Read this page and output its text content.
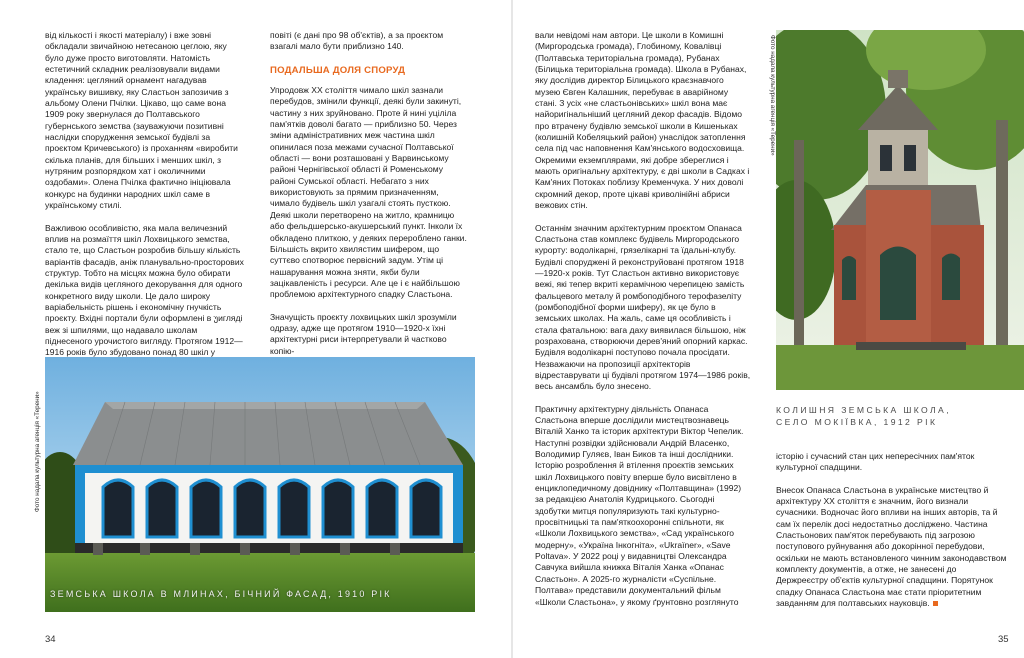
від кількості і якості матеріалу) і вже зовні обкладали звичайною нетесаною цеглою, яку було дуже просто виготовляти. Натомість естетичний складник реалізовували видами кладення: цегляний орнамент нагадував українську вишивку, яку Сластьон запозичив з альбому Олени Пчілки. Цікаво, що саме вона 1909 року звернулася до Полтавського губернського земства (зауважуючи позитивні наслідки спорудження земської будівлі за проєктом Кричевського) із проханням «виробити скількa планів, для більших і менших шкіл, з нутряним розпорядком хат і околичними оздобами». Олена Пчілка фактично ініціювала конкурс на будинки народних шкіл саме в українському стилі.

Важливою особливістю, яка мала величезний вплив на розмаїття шкіл Лохвицького земства, стало те, що Сластьон розробив більшу кількість варіантів фасадів, аніж планувально-просторових структур. Тобто на місцях можна було обирати декілька видів цегляного декорування для одного конкретного виду школи. Це дало широку варіабельність рішень і економічну гнучкість проєкту. Вхідні портали були оформлені в უигляді веж зі шпилями, що надавало школам піднесеного урочистого вигляду. Протягом 1912—1916 років було збудовано понад 80 шкіл у

повіті (є дані про 98 об'єктів), а за проєктом взагалі мало бути приблизно 140.

ПОДАЛЬША ДОЛЯ СПОРУД

Упродовж XX століття чимало шкіл зазнали перебудов, змінили функції, деякі були закинуті, частину з них зруйновано. Проте й нині уціліла пам'ятків доволі багато — приблизно 50. Через зміни адміністративних меж частина шкіл опинилася поза межами сучасної Полтавської області — вони розташовані у Варвинському районі Чернігівської області й Роменському районі Сумської області. Небагато з них використовують за прямим призначенням, чимало будівель шкіл узагалі стоять пусткою. Деякі школи перетворено на житло, крамницю або фельдшерсько-акушерський пункт. Інколи їх обкладено плиткою, у деяких перероблено ганки. Більшість вкрито хвилястим шифером, що суттєво спотворює первісний задум. Утім ці нашарування можна зняти, якби були зацікавленість і ресурси. Але це і є найбільшою проблемою архітектурного спадку Сластьона.

Значущість проєкту лохвицьких шкіл зрозуміли одразу, адже ще протягом 1910—1920-х їхні архітектурні риси інтерпретували й частково копію-

Фото надала культурна агенція «Терени»
ЗЕМСЬКА ШКОЛА В МЛИНАХ, БІЧНИЙ ФАСАД, 1910 РІК
34

вали невідомі нам автори. Це школи в Комишні (Миргородська громада), Глобиному, Ковалівці (Полтавська територіальна громада), Рубанах (Білицька територіальна громада). Школа в Рубанах, яку дослідив директор Білицького краєзнавчого музею Євген Калашник, перебуває в аварійному стані. З усіх «не сластьонівських» шкіл вона має найоригінальніший цегляний декор фасадів. Відомо про втрачену будівлю земської школи в Кишеньках (колишній Кобеляцький район) унаслідок затоплення села під час наповнення Кам'янського водосховища. Окремими екземплярами, які добре збереглися і мають оригінальну архітектуру, є дві школи в Садках і Кам'яних Потоках поблизу Кременчука. У них доволі скромний декор, проте цікаві криволінійні абриси вежових стін.

Останнім значним архітектурним проєктом Опанаса Сластьона став комплекс будівель Миргородського курорту: водолікарні, грязелікарні та їдальні-клубу. Будівлі споруджені й реконструйовані протягом 1918—1920-х років. Тут Сластьон активно використовує вежі, які тепер вкриті керамічною черепицею замість фальцевого металу й ромбоподібного терофазеліту (ромбоподібної форми шиферу), як це було в земських школах. На жаль, саме ця особливість і стала фатальною: вага даху виявилася більшою, ніж розрахована, створюючи дерев'яний опорний каркас. Будівля водолікарні поступово почала просідати. Незважаючи на пропозиції архітекторів відреставрувати ці будівлі протягом 1974—1986 років, весь ансамбль було знесено.

Практичну архітектурну діяльність Опанаса Сластьона вперше дослідили мистецтвознавець Віталій Ханко та історик архітектури Віктор Чепелик. Наступні розвідки здійснювали Андрій Власенко, Володимир Гуляєв, Іван Биков та інші дослідники. Історію розроблення й втілення проєктів земських шкіл Лохвицького повіту вперше було висвітлено в енциклопедичному довіднику «Полтавщина» (1992) за редакцією Анатолія Кудрицького. Сьогодні здобутки митця популяризують такі культурно-просвітницькі та пам'яткоохоронні спільноти, як «Школи Лохвицького земства», «Сад українського модерну», «Україна Інкогніта», «Ukraїner», «Save Poltava». У 2022 році у видавництві Олександра Савчука вийшла книжка Віталія Ханка «Опанас Сластьон». А 2025-го журналісти «Суспільне. Полтава» представили документальний фільм «Школи Сластьона», у якому ґрунтовно розглянуто

Фото надала культурна агенція «Терени»
КОЛИШНЯ ЗЕМСЬКА ШКОЛА,
СЕЛО МОКІЇВКА, 1912 РІК

історію і сучасний стан цих непересічних пам'яток культурної спадщини.

Внесок Опанаса Сластьона в українське мистецтво й архітектуру XX століття є значним, його визнали сучасники. Водночас його впливи на інших авторів, та й сам їх перелік досі недостатньо досліджено. Частина Сластьонових пам'яток перебувають під загрозою поступового руйнування або докорінної перебудови, оскільки не мають встановленого чинним законодавством комплекту документів, а отже, не занесені до Держреєстру об'єктів культурної спадщини. Порятунок спадку Опанаса Сластьона має стати пріоритетним завданням для полтавських науковців.

35
